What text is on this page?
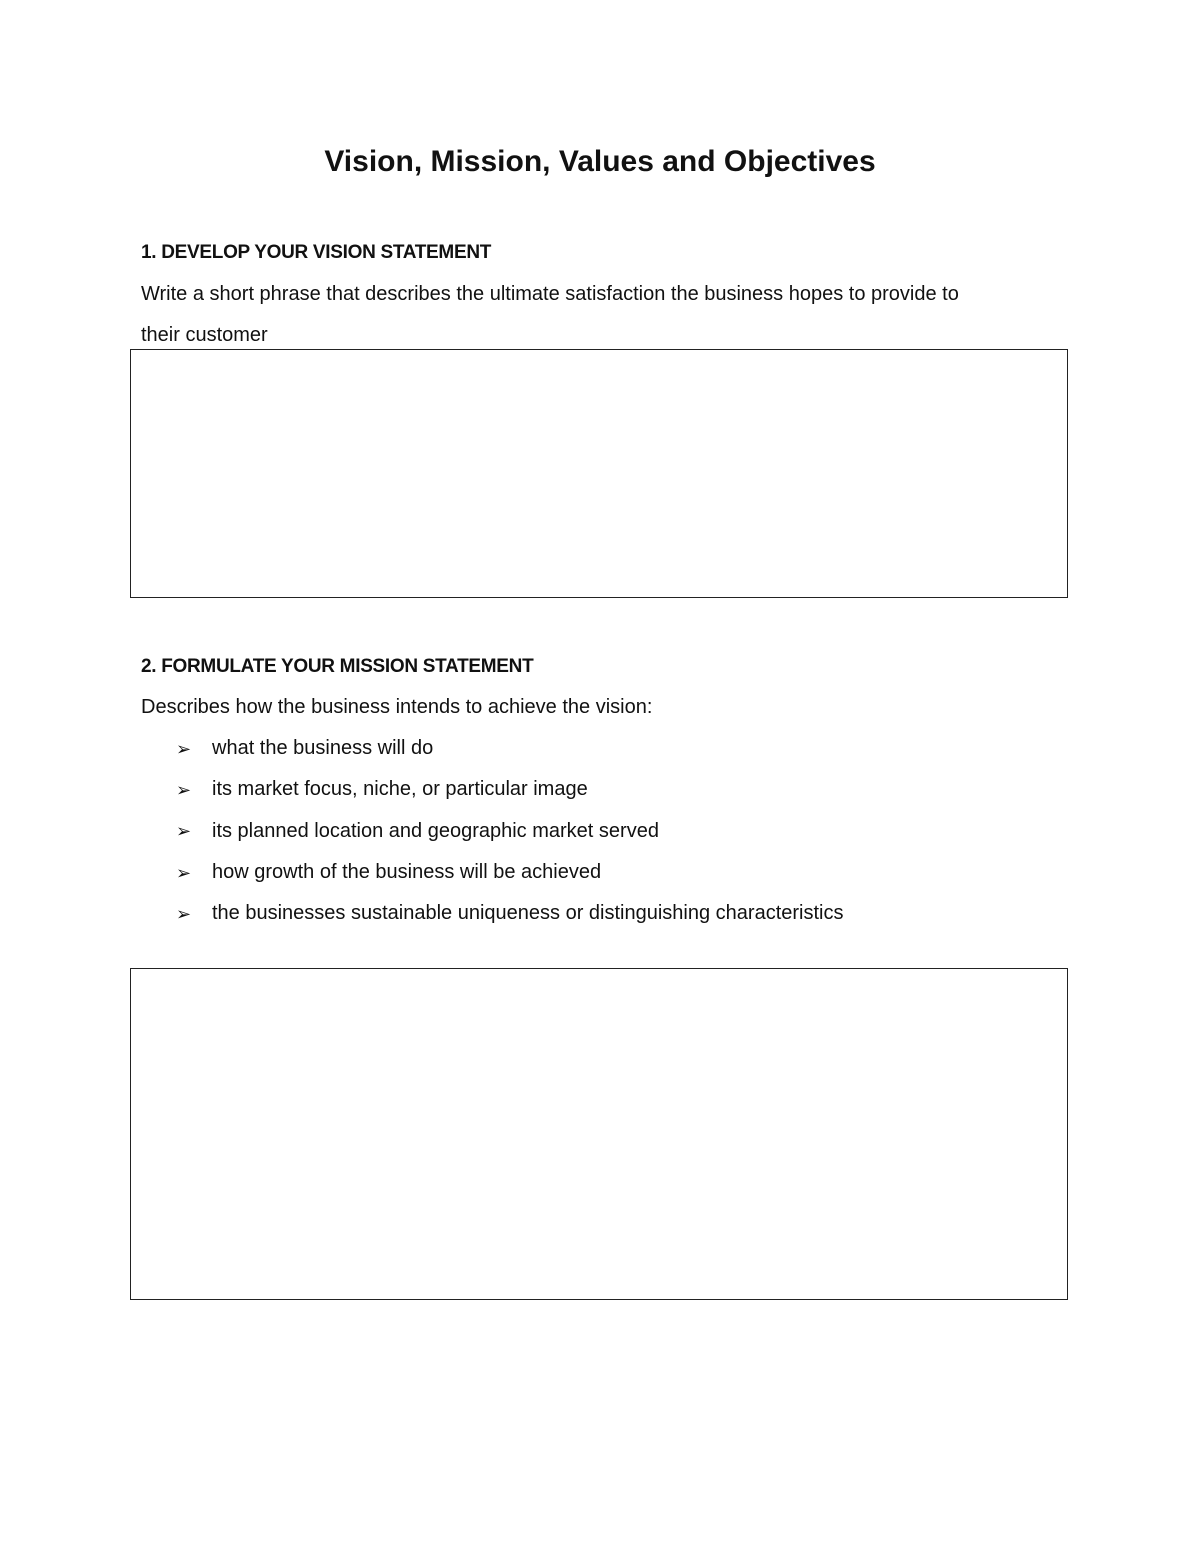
Vision, Mission, Values and Objectives
1. DEVELOP YOUR VISION STATEMENT

Write a short phrase that describes the ultimate satisfaction the business hopes to provide to

their customer

2. FORMULATE YOUR MISSION STATEMENT

Describes how the business intends to achieve the vision:

➢ what the business will do
➢ its market focus, niche, or particular image
➢ its planned location and geographic market served
➢ how growth of the business will be achieved
➢ the businesses sustainable uniqueness or distinguishing characteristics
